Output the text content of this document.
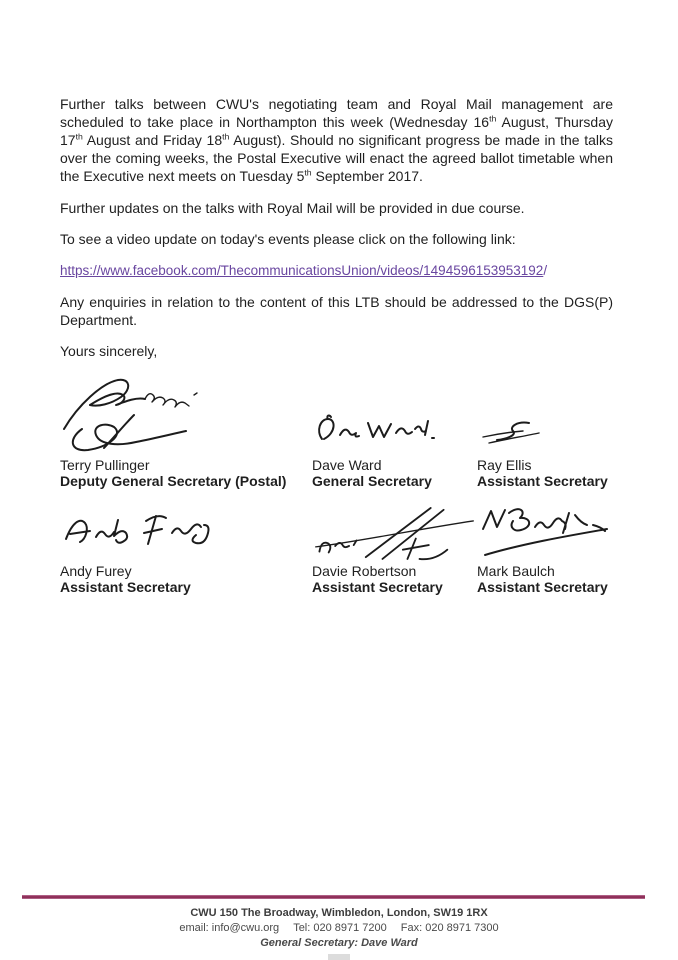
Further talks between CWU's negotiating team and Royal Mail management are scheduled to take place in Northampton this week (Wednesday 16th August, Thursday 17th August and Friday 18th August). Should no significant progress be made in the talks over the coming weeks, the Postal Executive will enact the agreed ballot timetable when the Executive next meets on Tuesday 5th September 2017.

Further updates on the talks with Royal Mail will be provided in due course.

To see a video update on today's events please click on the following link:

https://www.facebook.com/ThecommunicationsUnion/videos/1494596153953192/

Any enquiries in relation to the content of this LTB should be addressed to the DGS(P) Department.

Yours sincerely,

Terry Pullinger
Deputy General Secretary (Postal)
Dave Ward
General Secretary
Ray Ellis
Assistant Secretary
Andy Furey
Assistant Secretary
Davie Robertson
Assistant Secretary
Mark Baulch
Assistant Secretary
CWU 150 The Broadway, Wimbledon, London, SW19 1RX
email: info@cwu.org Tel: 020 8971 7200 Fax: 020 8971 7300
General Secretary: Dave Ward
